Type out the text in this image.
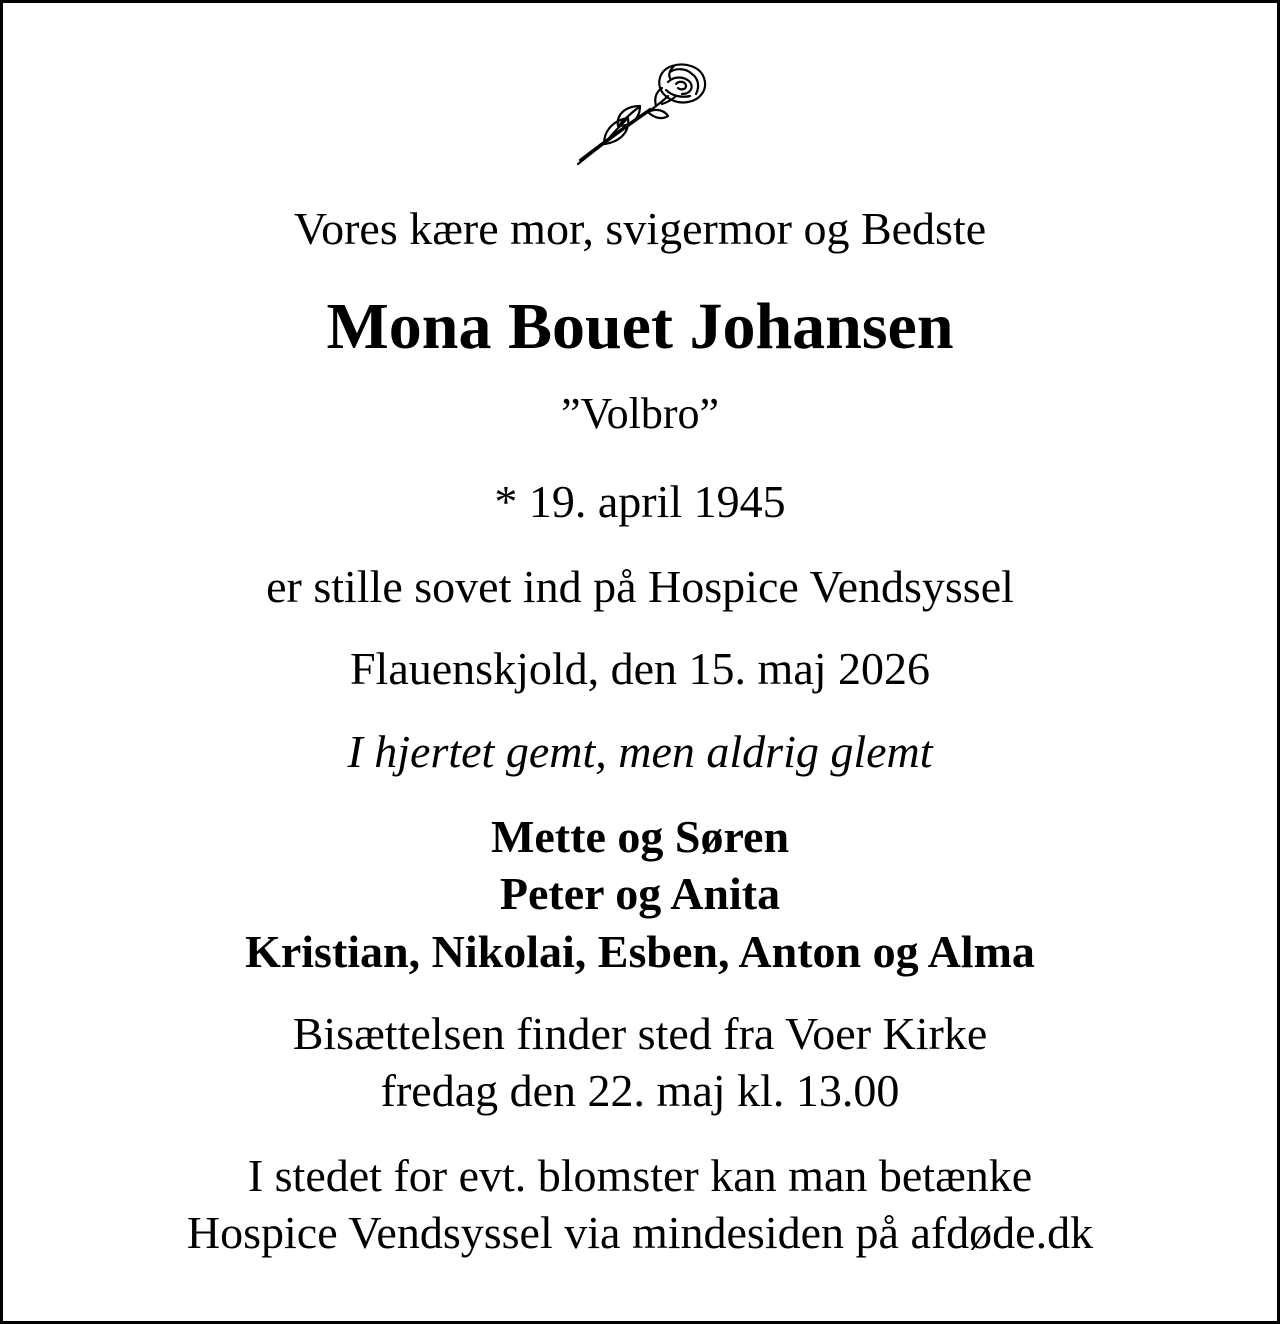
Vores kære mor, svigermor og Bedste
Mona Bouet Johansen
”Volbro”
* 19. april 1945
er stille sovet ind på Hospice Vendsyssel
Flauenskjold, den 15. maj 2026
I hjertet gemt, men aldrig glemt
Mette og Søren
Peter og Anita
Kristian, Nikolai, Esben, Anton og Alma
Bisættelsen finder sted fra Voer Kirke
fredag den 22. maj kl. 13.00
I stedet for evt. blomster kan man betænke
Hospice Vendsyssel via mindesiden på afdøde.dk
